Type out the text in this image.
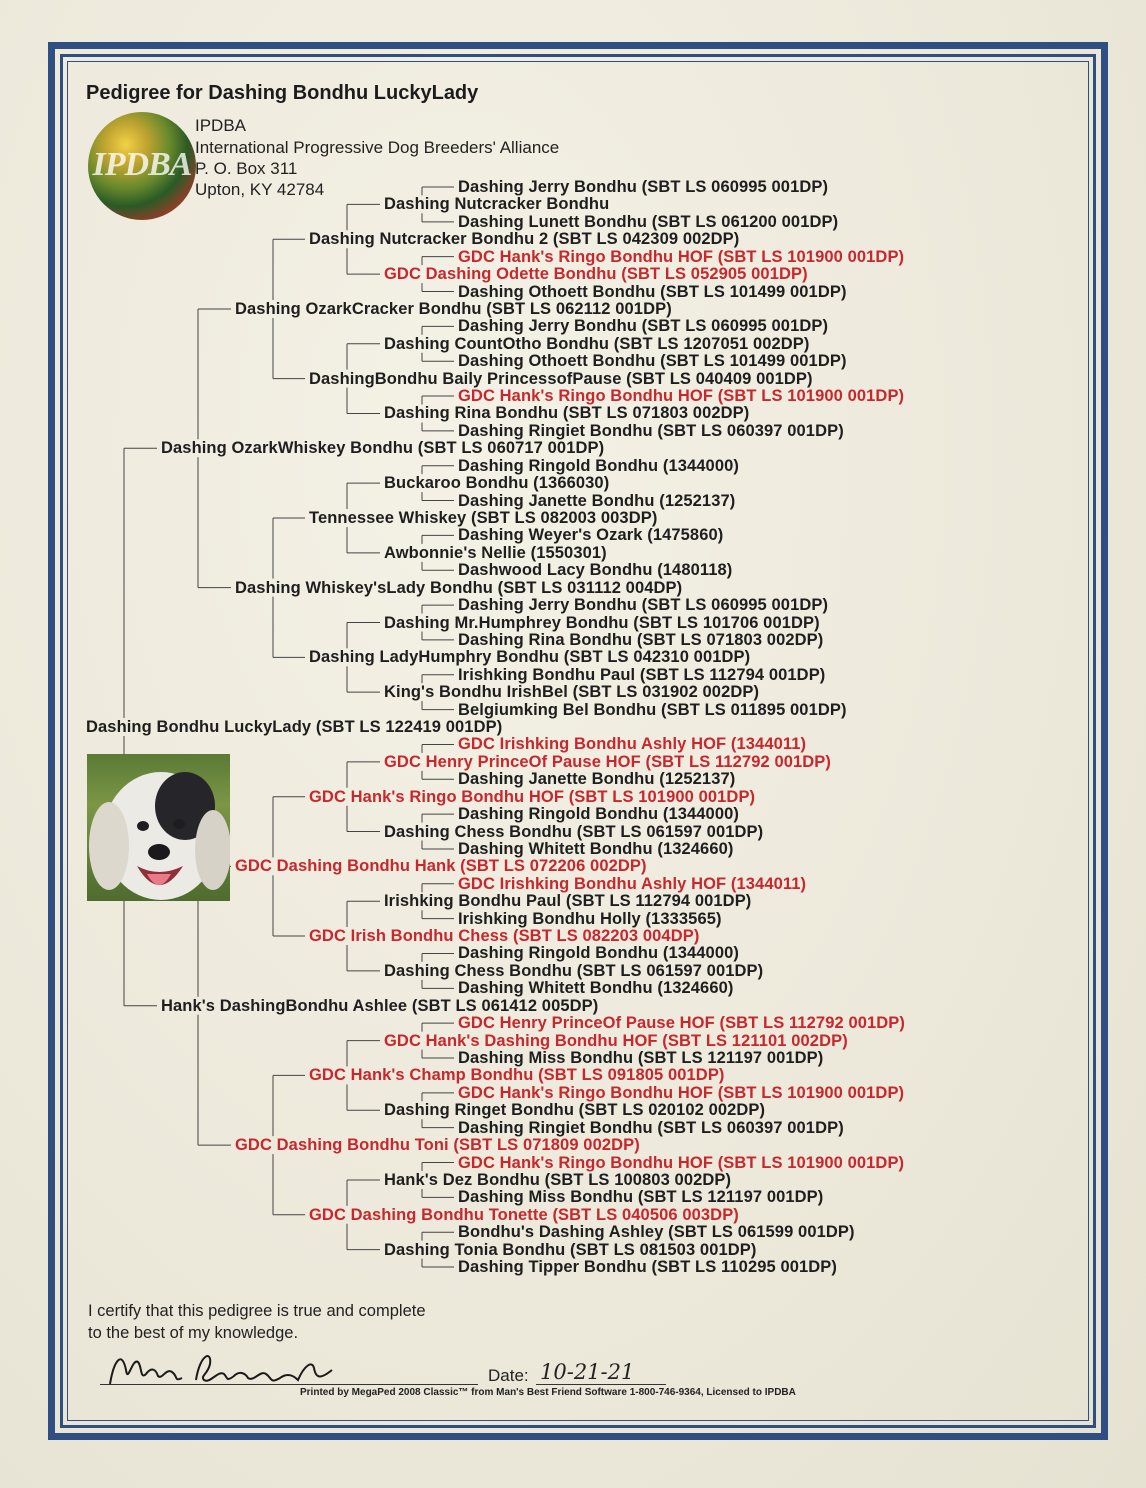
Pedigree for Dashing Bondhu LuckyLady
IPDBA
IPDBA
International Progressive Dog Breeders' Alliance
P. O. Box 311
Upton, KY 42784	Dashing Jerry Bondhu (SBT LS 060995 001DP)
Dashing Nutcracker Bondhu
Dashing Lunett Bondhu (SBT LS 061200 001DP)
Dashing Nutcracker Bondhu 2 (SBT LS 042309 002DP)
GDC Hank's Ringo Bondhu HOF (SBT LS 101900 001DP)
GDC Dashing Odette Bondhu (SBT LS 052905 001DP)
Dashing Othoett Bondhu (SBT LS 101499 001DP)
Dashing OzarkCracker Bondhu (SBT LS 062112 001DP)
Dashing Jerry Bondhu (SBT LS 060995 001DP)
Dashing CountOtho Bondhu (SBT LS 1207051 002DP)
Dashing Othoett Bondhu (SBT LS 101499 001DP)
DashingBondhu Baily PrincessofPause (SBT LS 040409 001DP)
GDC Hank's Ringo Bondhu HOF (SBT LS 101900 001DP)
Dashing Rina Bondhu (SBT LS 071803 002DP)
Dashing Ringiet Bondhu (SBT LS 060397 001DP)
Dashing OzarkWhiskey Bondhu (SBT LS 060717 001DP)
Dashing Ringold Bondhu (1344000)
Buckaroo Bondhu (1366030)
Dashing Janette Bondhu (1252137)
Tennessee Whiskey (SBT LS 082003 003DP)
Dashing Weyer's Ozark (1475860)
Awbonnie's Nellie (1550301)
Dashwood Lacy Bondhu (1480118)
Dashing Whiskey'sLady Bondhu (SBT LS 031112 004DP)
Dashing Jerry Bondhu (SBT LS 060995 001DP)
Dashing Mr.Humphrey Bondhu (SBT LS 101706 001DP)
Dashing Rina Bondhu (SBT LS 071803 002DP)
Dashing LadyHumphry Bondhu (SBT LS 042310 001DP)
Irishking Bondhu Paul (SBT LS 112794 001DP)
King's Bondhu IrishBel (SBT LS 031902 002DP)
Belgiumking Bel Bondhu (SBT LS 011895 001DP)
Dashing Bondhu LuckyLady (SBT LS 122419 001DP)
GDC Irishking Bondhu Ashly HOF (1344011)
GDC Henry PrinceOf Pause HOF (SBT LS 112792 001DP)
Dashing Janette Bondhu (1252137)
GDC Hank's Ringo Bondhu HOF (SBT LS 101900 001DP)
Dashing Ringold Bondhu (1344000)
Dashing Chess Bondhu (SBT LS 061597 001DP)
Dashing Whitett Bondhu (1324660)
GDC Dashing Bondhu Hank (SBT LS 072206 002DP)
GDC Irishking Bondhu Ashly HOF (1344011)
Irishking Bondhu Paul (SBT LS 112794 001DP)
Irishking Bondhu Holly (1333565)
GDC Irish Bondhu Chess (SBT LS 082203 004DP)
Dashing Ringold Bondhu (1344000)
Dashing Chess Bondhu (SBT LS 061597 001DP)
Dashing Whitett Bondhu (1324660)
Hank's DashingBondhu Ashlee (SBT LS 061412 005DP)
GDC Henry PrinceOf Pause HOF (SBT LS 112792 001DP)
GDC Hank's Dashing Bondhu HOF (SBT LS 121101 002DP)
Dashing Miss Bondhu (SBT LS 121197 001DP)
GDC Hank's Champ Bondhu (SBT LS 091805 001DP)
GDC Hank's Ringo Bondhu HOF (SBT LS 101900 001DP)
Dashing Ringet Bondhu (SBT LS 020102 002DP)
Dashing Ringiet Bondhu (SBT LS 060397 001DP)
GDC Dashing Bondhu Toni (SBT LS 071809 002DP)
GDC Hank's Ringo Bondhu HOF (SBT LS 101900 001DP)
Hank's Dez Bondhu (SBT LS 100803 002DP)
Dashing Miss Bondhu (SBT LS 121197 001DP)
GDC Dashing Bondhu Tonette (SBT LS 040506 003DP)
Bondhu's Dashing Ashley (SBT LS 061599 001DP)
Dashing Tonia Bondhu (SBT LS 081503 001DP)
Dashing Tipper Bondhu (SBT LS 110295 001DP)
I certify that this pedigree is true and complete
to the best of my knowledge.
Date: 10-21-21
Printed by MegaPed 2008 Classic™ from Man's Best Friend Software 1-800-746-9364, Licensed to IPDBA
